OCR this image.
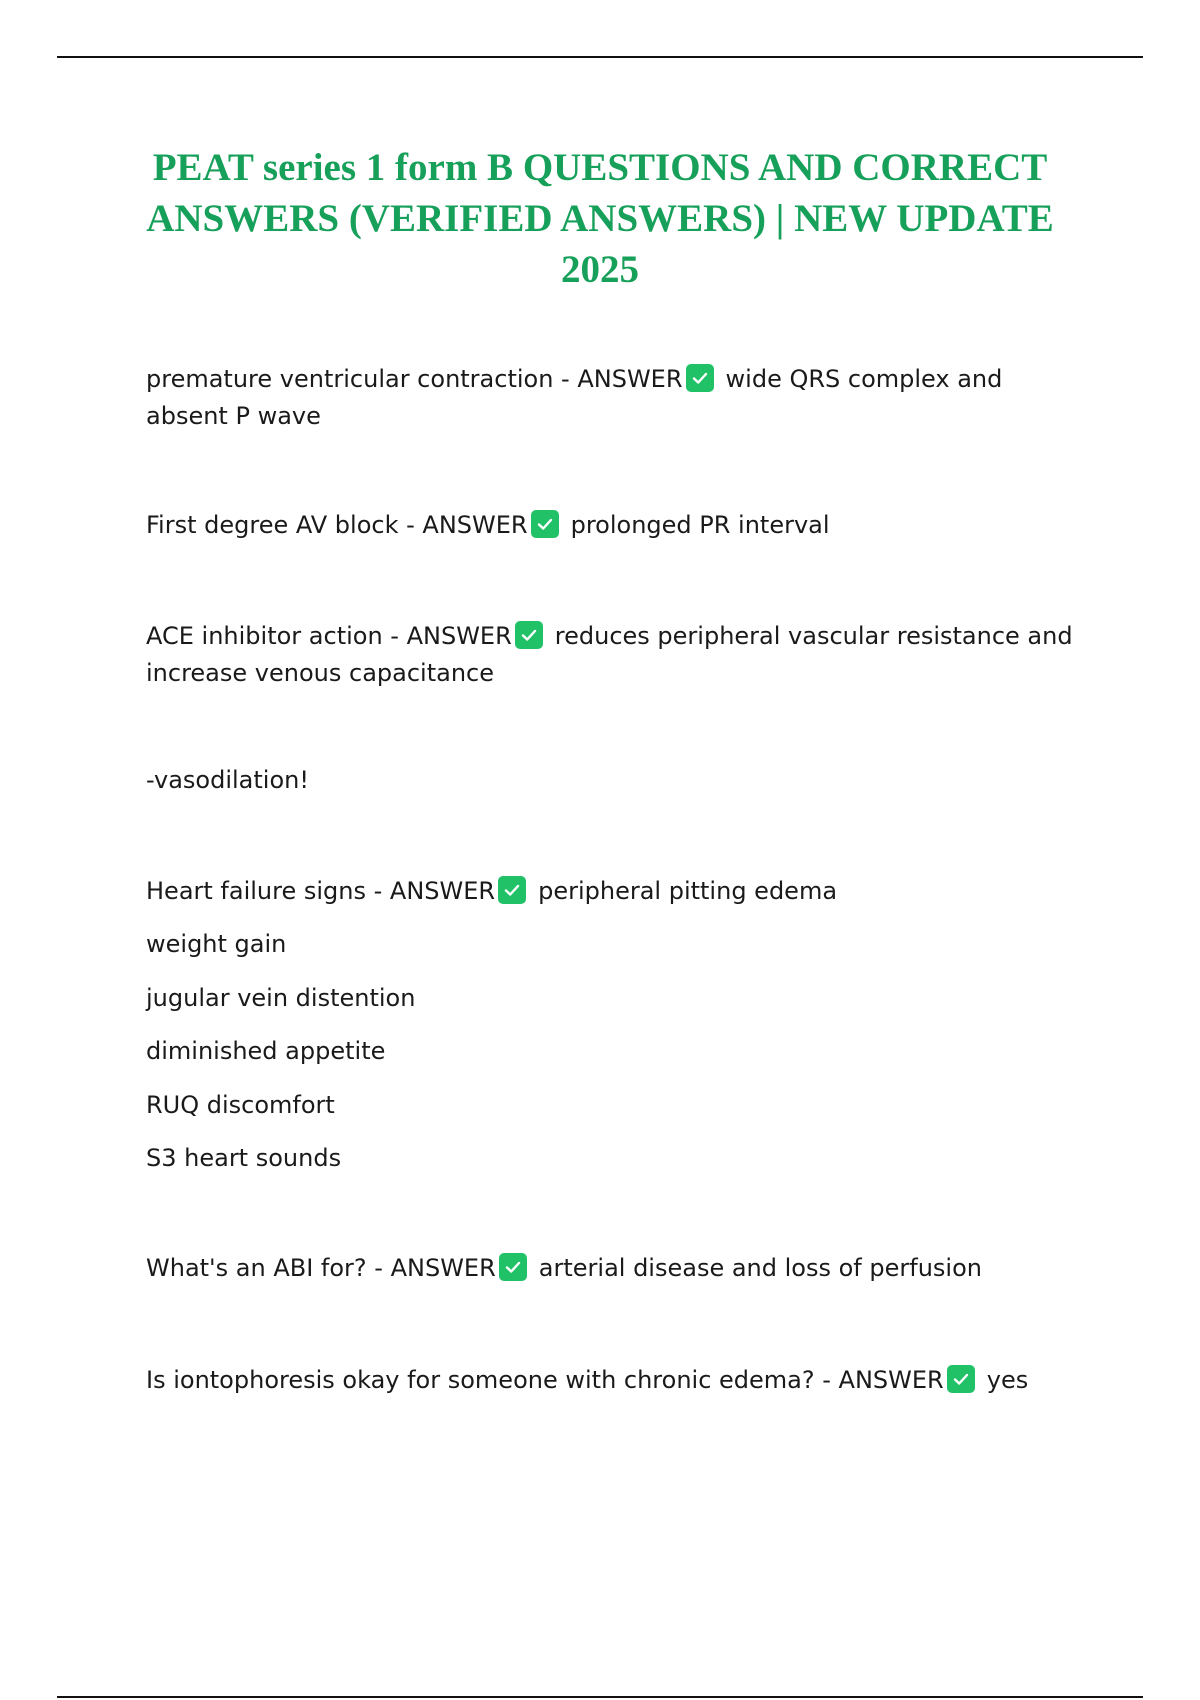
PEAT series 1 form B QUESTIONS AND CORRECT ANSWERS (VERIFIED ANSWERS) | NEW UPDATE 2025
premature ventricular contraction - ANSWER wide QRS complex and absent P wave
First degree AV block - ANSWER prolonged PR interval
ACE inhibitor action - ANSWER reduces peripheral vascular resistance and increase venous capacitance
-vasodilation!
Heart failure signs - ANSWER peripheral pitting edema
weight gain
jugular vein distention
diminished appetite
RUQ discomfort
S3 heart sounds
What's an ABI for? - ANSWER arterial disease and loss of perfusion
Is iontophoresis okay for someone with chronic edema? - ANSWER yes
